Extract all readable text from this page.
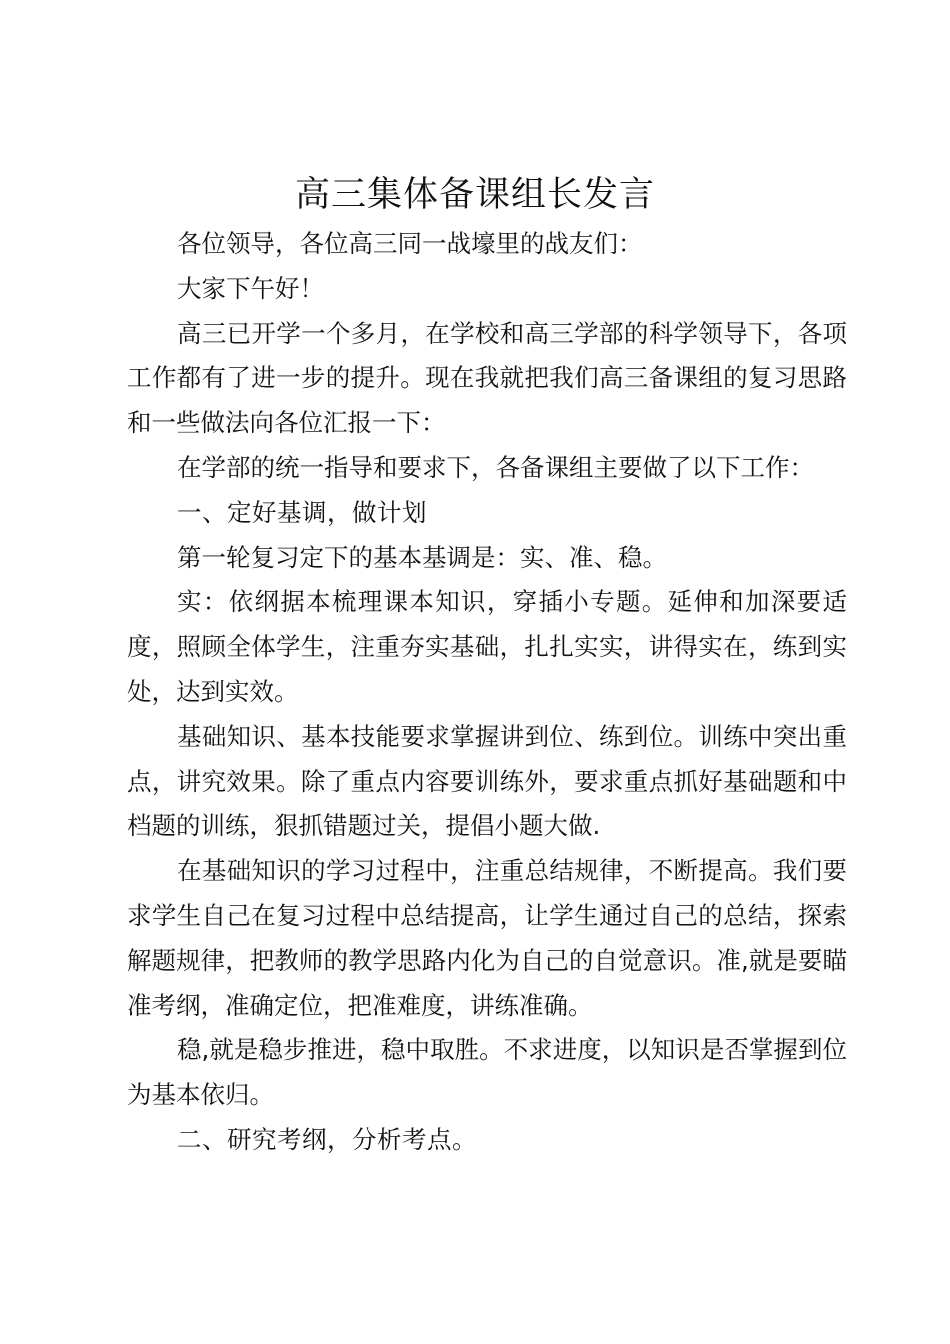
高三集体备课组长发言

各位领导，各位高三同一战壕里的战友们：

大家下午好！

高三已开学一个多月，在学校和高三学部的科学领导下，各项工作都有了进一步的提升。现在我就把我们高三备课组的复习思路和一些做法向各位汇报一下：

在学部的统一指导和要求下，各备课组主要做了以下工作：

一、定好基调，做计划

第一轮复习定下的基本基调是：实、准、稳。

实：依纲据本梳理课本知识，穿插小专题。延伸和加深要适度，照顾全体学生，注重夯实基础，扎扎实实，讲得实在，练到实处，达到实效。

基础知识、基本技能要求掌握讲到位、练到位。训练中突出重点，讲究效果。除了重点内容要训练外，要求重点抓好基础题和中档题的训练，狠抓错题过关，提倡小题大做.

在基础知识的学习过程中，注重总结规律，不断提高。我们要求学生自己在复习过程中总结提高，让学生通过自己的总结，探索解题规律，把教师的教学思路内化为自己的自觉意识。准,就是要瞄准考纲，准确定位，把准难度，讲练准确。

稳,就是稳步推进，稳中取胜。不求进度，以知识是否掌握到位为基本依归。

二、研究考纲，分析考点。
